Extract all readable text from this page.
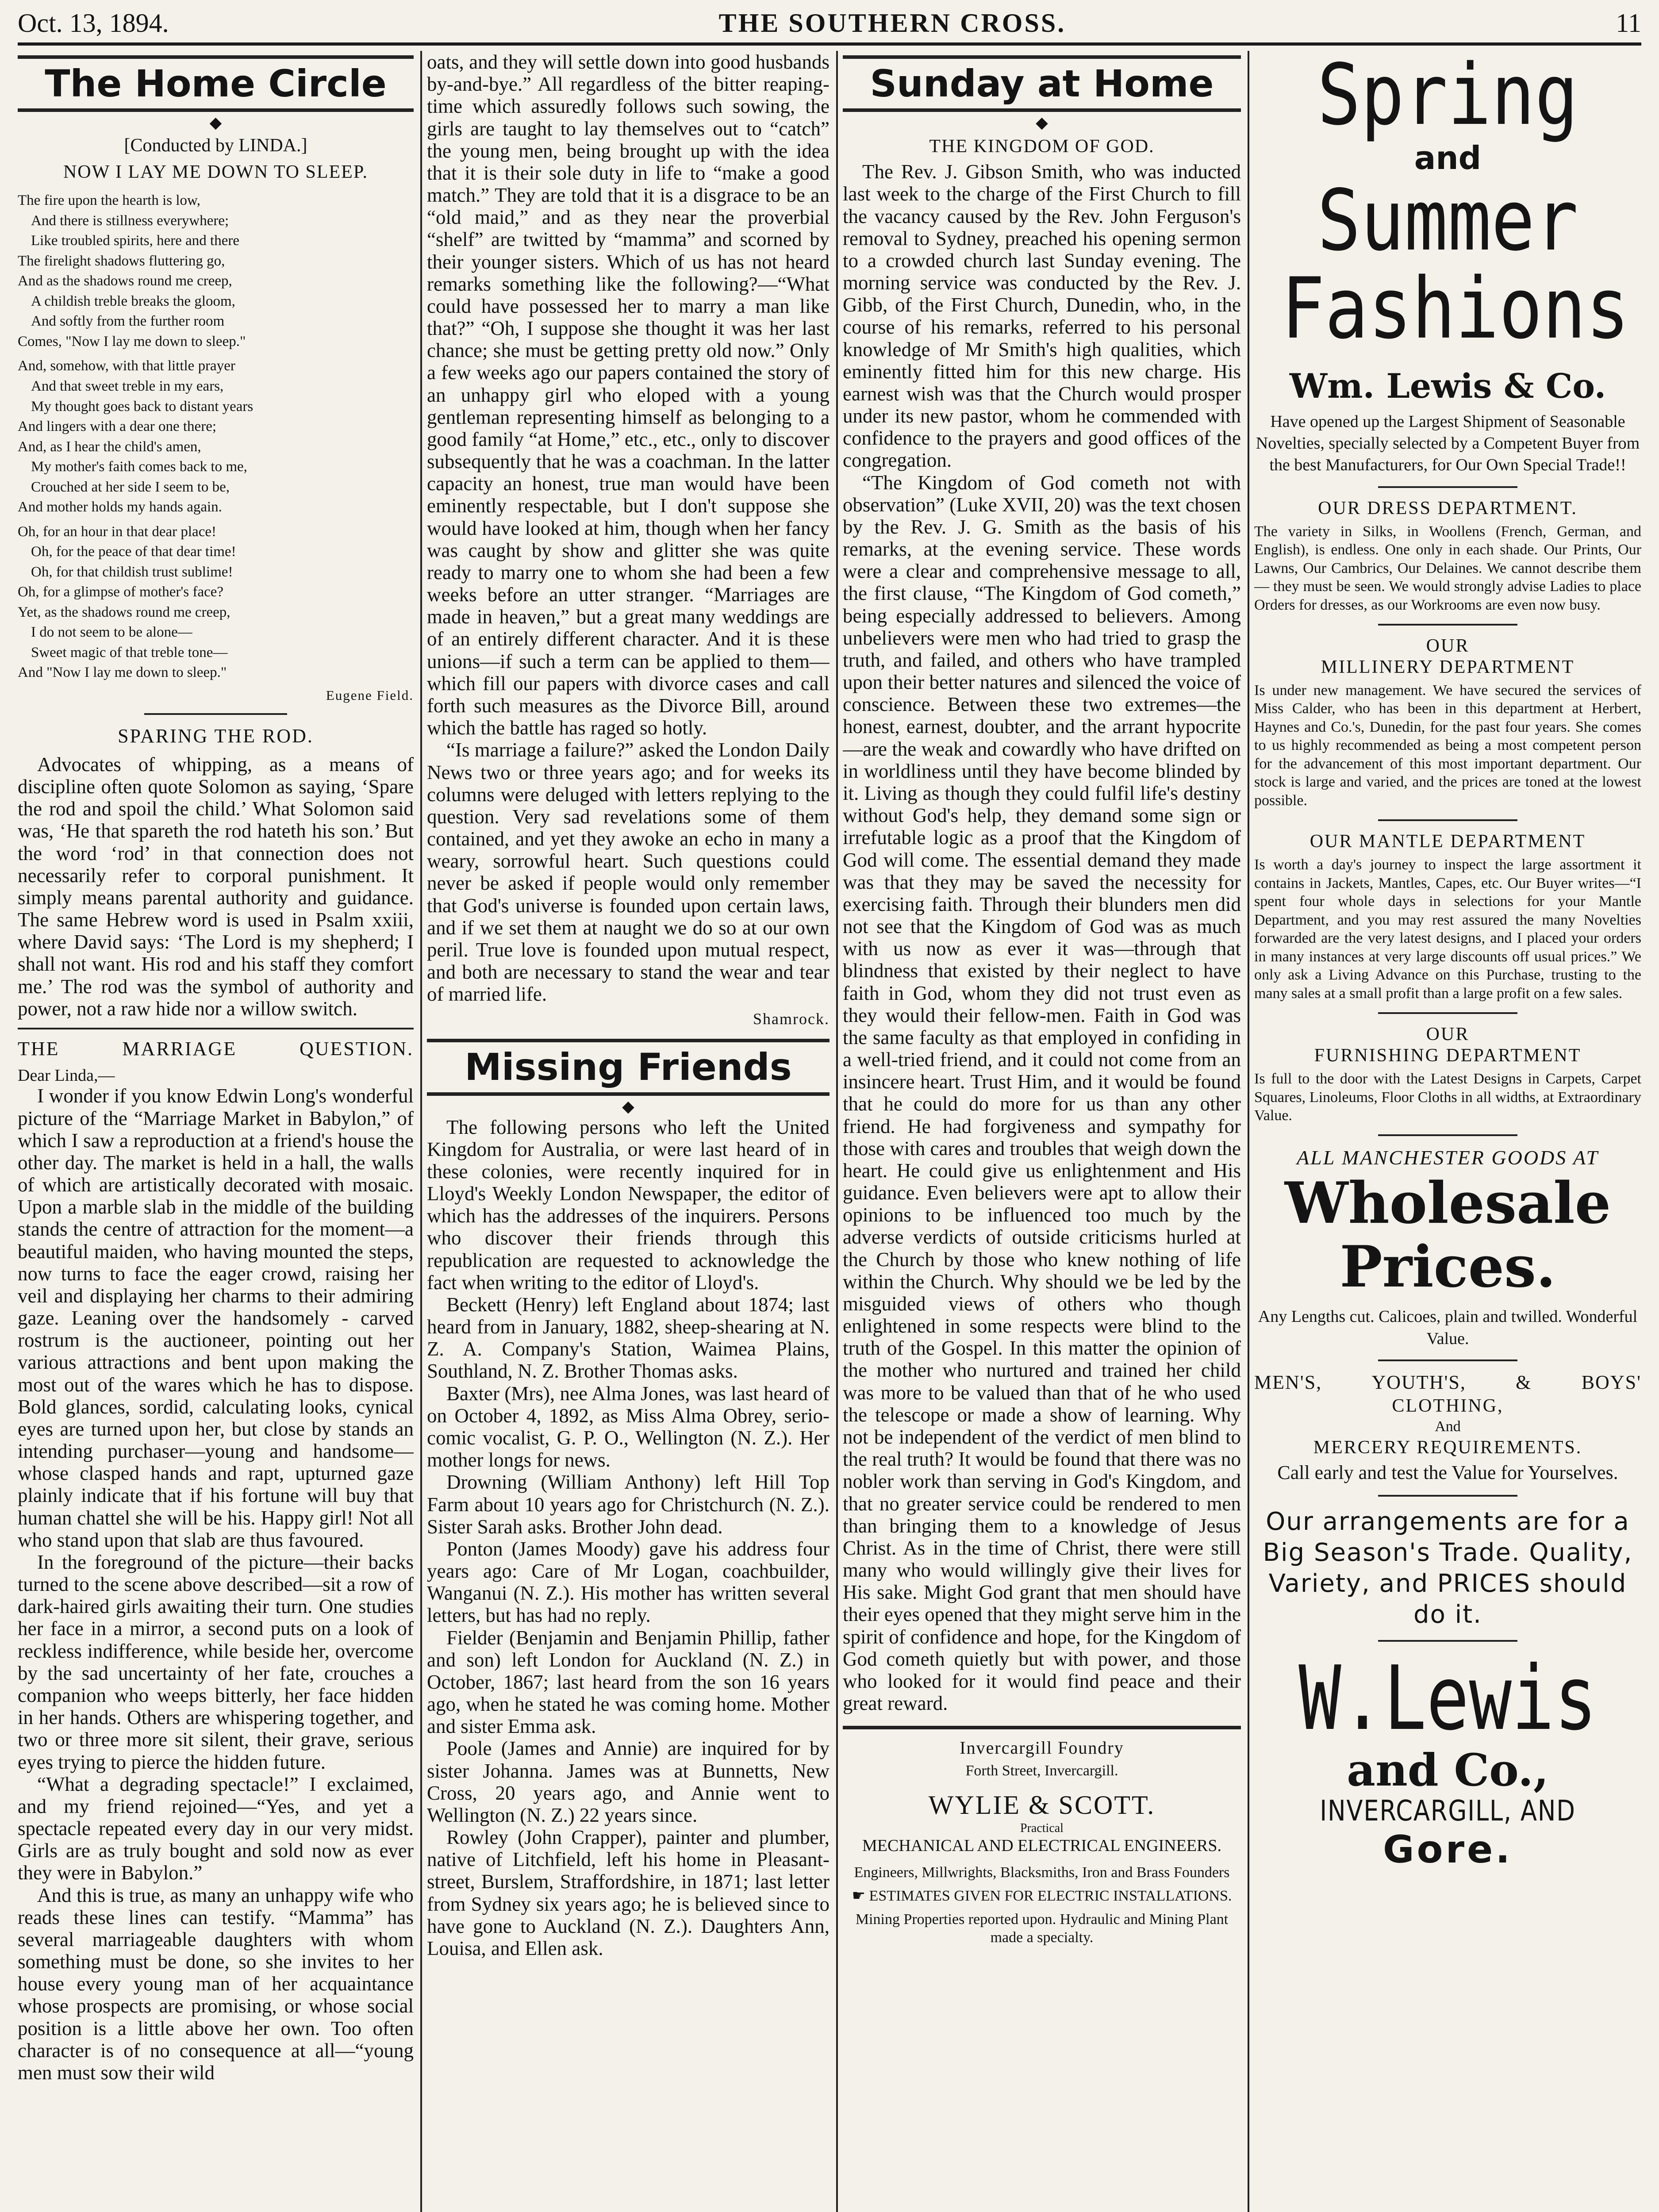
Oct. 13, 1894.	THE SOUTHERN CROSS.	11
The Home Circle
◆
[Conducted by LINDA.]
NOW I LAY ME DOWN TO SLEEP.
The fire upon the hearth is low,
And there is stillness everywhere;
Like troubled spirits, here and there
The firelight shadows fluttering go,
And as the shadows round me creep,
A childish treble breaks the gloom,
And softly from the further room
Comes, "Now I lay me down to sleep."
And, somehow, with that little prayer
And that sweet treble in my ears,
My thought goes back to distant years
And lingers with a dear one there;
And, as I hear the child's amen,
My mother's faith comes back to me,
Crouched at her side I seem to be,
And mother holds my hands again.
Oh, for an hour in that dear place!
Oh, for the peace of that dear time!
Oh, for that childish trust sublime!
Oh, for a glimpse of mother's face?
Yet, as the shadows round me creep,
I do not seem to be alone—
Sweet magic of that treble tone—
And "Now I lay me down to sleep."
Eugene Field.
SPARING THE ROD.

Advocates of whipping, as a means of discipline often quote Solomon as saying, ‘Spare the rod and spoil the child.’ What Solomon said was, ‘He that spareth the rod hateth his son.’ But the word ‘rod’ in that connection does not necessarily refer to corporal punishment. It simply means parental authority and guidance. The same Hebrew word is used in Psalm xxiii, where David says: ‘The Lord is my shepherd; I shall not want. His rod and his staff they comfort me.’ The rod was the symbol of authority and power, not a raw hide nor a willow switch.

THE	MARRIAGE	QUESTION.

Dear Linda,—

I wonder if you know Edwin Long's wonderful picture of the “Marriage Market in Babylon,” of which I saw a reproduction at a friend's house the other day. The market is held in a hall, the walls of which are artistically decorated with mosaic. Upon a marble slab in the middle of the building stands the centre of attraction for the moment—a beautiful maiden, who having mounted the steps, now turns to face the eager crowd, raising her veil and displaying her charms to their admiring gaze. Leaning over the handsomely - carved rostrum is the auctioneer, pointing out her various attractions and bent upon making the most out of the wares which he has to dispose. Bold glances, sordid, calculating looks, cynical eyes are turned upon her, but close by stands an intending purchaser—young and handsome—whose clasped hands and rapt, upturned gaze plainly indicate that if his fortune will buy that human chattel she will be his. Happy girl! Not all who stand upon that slab are thus favoured.

In the foreground of the picture—their backs turned to the scene above described—sit a row of dark-haired girls awaiting their turn. One studies her face in a mirror, a second puts on a look of reckless indifference, while beside her, overcome by the sad uncertainty of her fate, crouches a companion who weeps bitterly, her face hidden in her hands. Others are whispering together, and two or three more sit silent, their grave, serious eyes trying to pierce the hidden future.

“What a degrading spectacle!” I exclaimed, and my friend rejoined—“Yes, and yet a spectacle repeated every day in our very midst. Girls are as truly bought and sold now as ever they were in Babylon.”

And this is true, as many an unhappy wife who reads these lines can testify. “Mamma” has several marriageable daughters with whom something must be done, so she invites to her house every young man of her acquaintance whose prospects are promising, or whose social position is a little above her own. Too often character is of no consequence at all—“young men must sow their wild

oats, and they will settle down into good husbands by-and-bye.” All regardless of the bitter reaping-time which assuredly follows such sowing, the girls are taught to lay themselves out to “catch” the young men, being brought up with the idea that it is their sole duty in life to “make a good match.” They are told that it is a disgrace to be an “old maid,” and as they near the proverbial “shelf” are twitted by “mamma” and scorned by their younger sisters. Which of us has not heard remarks something like the following?—“What could have possessed her to marry a man like that?” “Oh, I suppose she thought it was her last chance; she must be getting pretty old now.” Only a few weeks ago our papers contained the story of an unhappy girl who eloped with a young gentleman representing himself as belonging to a good family “at Home,” etc., etc., only to discover subsequently that he was a coachman. In the latter capacity an honest, true man would have been eminently respectable, but I don't suppose she would have looked at him, though when her fancy was caught by show and glitter she was quite ready to marry one to whom she had been a few weeks before an utter stranger. “Marriages are made in heaven,” but a great many weddings are of an entirely different character. And it is these unions—if such a term can be applied to them—which fill our papers with divorce cases and call forth such measures as the Divorce Bill, around which the battle has raged so hotly.

“Is marriage a failure?” asked the London Daily News two or three years ago; and for weeks its columns were deluged with letters replying to the question. Very sad revelations some of them contained, and yet they awoke an echo in many a weary, sorrowful heart. Such questions could never be asked if people would only remember that God's universe is founded upon certain laws, and if we set them at naught we do so at our own peril. True love is founded upon mutual respect, and both are necessary to stand the wear and tear of married life.

Shamrock.
Missing Friends
◆

The following persons who left the United Kingdom for Australia, or were last heard of in these colonies, were recently inquired for in Lloyd's Weekly London Newspaper, the editor of which has the addresses of the inquirers. Persons who discover their friends through this republication are requested to acknowledge the fact when writing to the editor of Lloyd's.

Beckett (Henry) left England about 1874; last heard from in January, 1882, sheep-shearing at N. Z. A. Company's Station, Waimea Plains, Southland, N. Z. Brother Thomas asks.

Baxter (Mrs), nee Alma Jones, was last heard of on October 4, 1892, as Miss Alma Obrey, serio-comic vocalist, G. P. O., Wellington (N. Z.). Her mother longs for news.

Drowning (William Anthony) left Hill Top Farm about 10 years ago for Christchurch (N. Z.). Sister Sarah asks. Brother John dead.

Ponton (James Moody) gave his address four years ago: Care of Mr Logan, coachbuilder, Wanganui (N. Z.). His mother has written several letters, but has had no reply.

Fielder (Benjamin and Benjamin Phillip, father and son) left London for Auckland (N. Z.) in October, 1867; last heard from the son 16 years ago, when he stated he was coming home. Mother and sister Emma ask.

Poole (James and Annie) are inquired for by sister Johanna. James was at Bunnetts, New Cross, 20 years ago, and Annie went to Wellington (N. Z.) 22 years since.

Rowley (John Crapper), painter and plumber, native of Litchfield, left his home in Pleasant-street, Burslem, Straffordshire, in 1871; last letter from Sydney six years ago; he is believed since to have gone to Auckland (N. Z.). Daughters Ann, Louisa, and Ellen ask.

Sunday at Home
◆
THE KINGDOM OF GOD.

The Rev. J. Gibson Smith, who was inducted last week to the charge of the First Church to fill the vacancy caused by the Rev. John Ferguson's removal to Sydney, preached his opening sermon to a crowded church last Sunday evening. The morning service was conducted by the Rev. J. Gibb, of the First Church, Dunedin, who, in the course of his remarks, referred to his personal knowledge of Mr Smith's high qualities, which eminently fitted him for this new charge. His earnest wish was that the Church would prosper under its new pastor, whom he commended with confidence to the prayers and good offices of the congregation.

“The Kingdom of God cometh not with observation” (Luke XVII, 20) was the text chosen by the Rev. J. G. Smith as the basis of his remarks, at the evening service. These words were a clear and comprehensive message to all, the first clause, “The Kingdom of God cometh,” being especially addressed to believers. Among unbelievers were men who had tried to grasp the truth, and failed, and others who have trampled upon their better natures and silenced the voice of conscience. Between these two extremes—the honest, earnest, doubter, and the arrant hypocrite—are the weak and cowardly who have drifted on in worldliness until they have become blinded by it. Living as though they could fulfil life's destiny without God's help, they demand some sign or irrefutable logic as a proof that the Kingdom of God will come. The essential demand they made was that they may be saved the necessity for exercising faith. Through their blunders men did not see that the Kingdom of God was as much with us now as ever it was—through that blindness that existed by their neglect to have faith in God, whom they did not trust even as they would their fellow-men. Faith in God was the same faculty as that employed in confiding in a well-tried friend, and it could not come from an insincere heart. Trust Him, and it would be found that he could do more for us than any other friend. He had forgiveness and sympathy for those with cares and troubles that weigh down the heart. He could give us enlightenment and His guidance. Even believers were apt to allow their opinions to be influenced too much by the adverse verdicts of outside criticisms hurled at the Church by those who knew nothing of life within the Church. Why should we be led by the misguided views of others who though enlightened in some respects were blind to the truth of the Gospel. In this matter the opinion of the mother who nurtured and trained her child was more to be valued than that of he who used the telescope or made a show of learning. Why not be independent of the verdict of men blind to the real truth? It would be found that there was no nobler work than serving in God's Kingdom, and that no greater service could be rendered to men than bringing them to a knowledge of Jesus Christ. As in the time of Christ, there were still many who would willingly give their lives for His sake. Might God grant that men should have their eyes opened that they might serve him in the spirit of confidence and hope, for the Kingdom of God cometh quietly but with power, and those who looked for it would find peace and their great reward.

Invercargill Foundry
Forth Street, Invercargill.
WYLIE & SCOTT.
Practical
MECHANICAL AND ELECTRICAL ENGINEERS.
Engineers, Millwrights, Blacksmiths, Iron and Brass Founders
☛ ESTIMATES GIVEN FOR ELECTRIC INSTALLATIONS.
Mining Properties reported upon. Hydraulic and Mining Plant made a specialty.
Spring
and
Summer
Fashions
Wm. Lewis & Co.
Have opened up the Largest Shipment of Seasonable Novelties, specially selected by a Competent Buyer from the best Manufacturers, for Our Own Special Trade!!
OUR DRESS DEPARTMENT.
The variety in Silks, in Woollens (French, German, and English), is endless. One only in each shade. Our Prints, Our Lawns, Our Cambrics, Our Delaines. We cannot describe them — they must be seen. We would strongly advise Ladies to place Orders for dresses, as our Workrooms are even now busy.
OUR
MILLINERY DEPARTMENT
Is under new management. We have secured the services of Miss Calder, who has been in this department at Herbert, Haynes and Co.'s, Dunedin, for the past four years. She comes to us highly recommended as being a most competent person for the advancement of this most important department. Our stock is large and varied, and the prices are toned at the lowest possible.
OUR MANTLE DEPARTMENT
Is worth a day's journey to inspect the large assortment it contains in Jackets, Mantles, Capes, etc. Our Buyer writes—“I spent four whole days in selections for your Mantle Department, and you may rest assured the many Novelties forwarded are the very latest designs, and I placed your orders in many instances at very large discounts off usual prices.” We only ask a Living Advance on this Purchase, trusting to the many sales at a small profit than a large profit on a few sales.
OUR
FURNISHING DEPARTMENT
Is full to the door with the Latest Designs in Carpets, Carpet Squares, Linoleums, Floor Cloths in all widths, at Extraordinary Value.
ALL MANCHESTER GOODS AT
Wholesale
Prices.
Any Lengths cut. Calicoes, plain and twilled. Wonderful Value.
MEN'S,	YOUTH'S,	&	BOYS'
CLOTHING,
And
MERCERY REQUIREMENTS.
Call early and test the Value for Yourselves.
Our arrangements are for a Big Season's Trade. Quality, Variety, and PRICES should do it.
W.Lewis
and Co.,
INVERCARGILL, AND
Gore.
